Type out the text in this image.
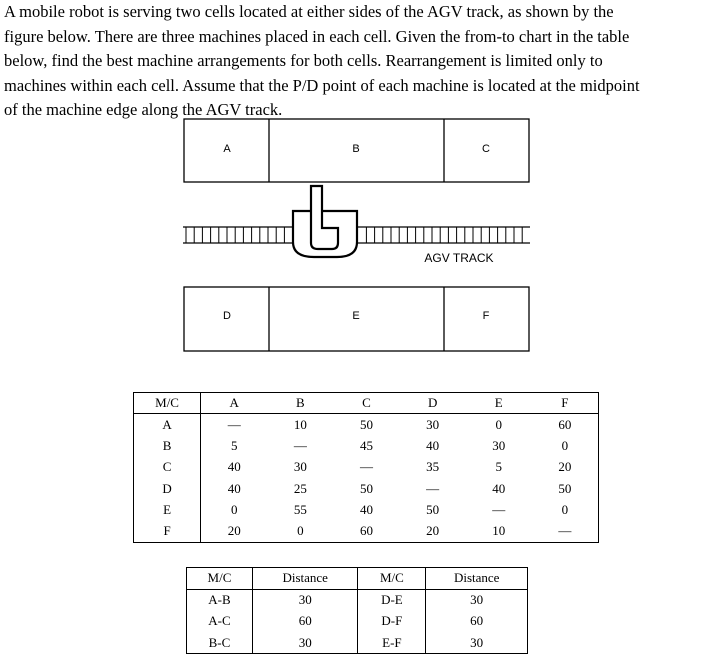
A mobile robot is serving two cells located at either sides of the AGV track, as shown by the
figure below. There are three machines placed in each cell. Given the from-to chart in the table
below, find the best machine arrangements for both cells. Rearrangement is limited only to
machines within each cell. Assume that the P/D point of each machine is located at the midpoint
of the machine edge along the AGV track.
A	B	C
D	E	F
AGV TRACK
M/C	A	B	C	D	E	F
A	—	10	50	30	0	60
B	5	—	45	40	30	0
C	40	30	—	35	5	20
D	40	25	50	—	40	50
E	0	55	40	50	—	0
F	20	0	60	20	10	—
M/C	Distance	M/C	Distance
A-B	30	D-E	30
A-C	60	D-F	60
B-C	30	E-F	30
